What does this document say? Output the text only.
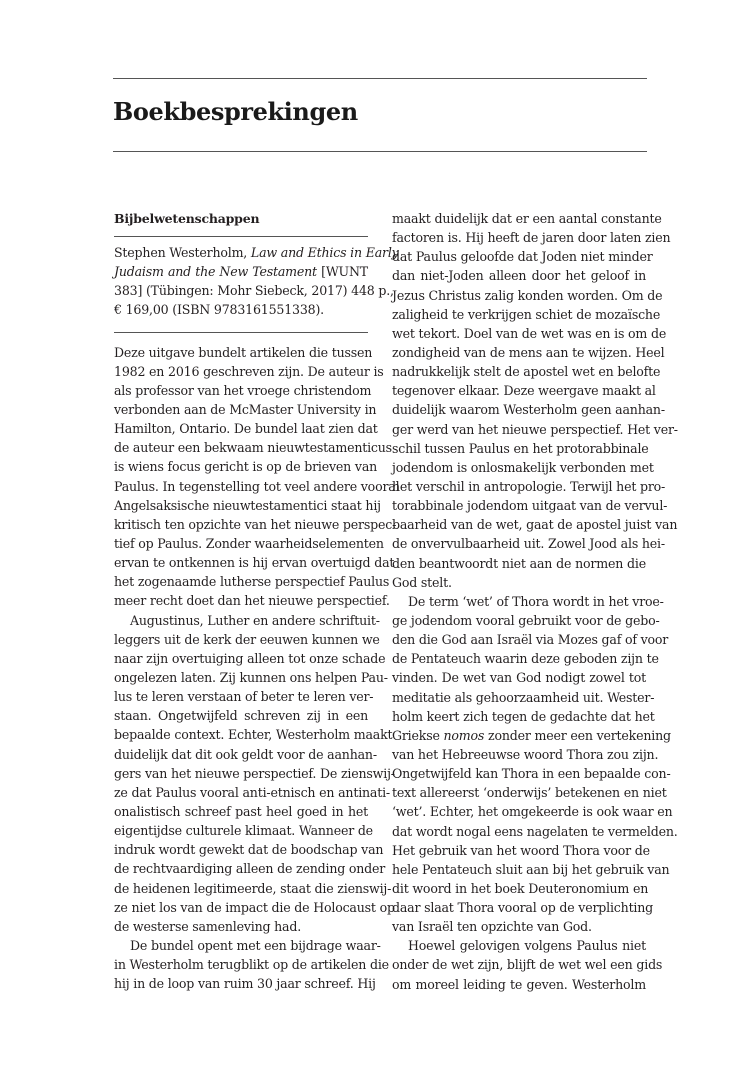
Boekbesprekingen
Bijbelwetenschappen
Stephen Westerholm, Law and Ethics in Early
Judaism and the New Testament [WUNT
383] (Tübingen: Mohr Siebeck, 2017) 448 p.,
€ 169,00 (ISBN 9783161551338).
Deze uitgave bundelt artikelen die tussen
1982 en 2016 geschreven zijn. De auteur is
als professor van het vroege christendom
verbonden aan de McMaster University in
Hamilton, Ontario. De bundel laat zien dat
de auteur een bekwaam nieuwtestamenticus
is wiens focus gericht is op de brieven van
Paulus. In tegenstelling tot veel andere vooral
Angelsaksische nieuwtestamentici staat hij
kritisch ten opzichte van het nieuwe perspec-
tief op Paulus. Zonder waarheidselementen
ervan te ontkennen is hij ervan overtuigd dat
het zogenaamde lutherse perspectief Paulus
meer recht doet dan het nieuwe perspectief.
Augustinus, Luther en andere schriftuit-
leggers uit de kerk der eeuwen kunnen we
naar zijn overtuiging alleen tot onze schade
ongelezen laten. Zij kunnen ons helpen Pau-
lus te leren verstaan of beter te leren ver-
staan. Ongetwijfeld schreven zij in een
bepaalde context. Echter, Westerholm maakt
duidelijk dat dit ook geldt voor de aanhan-
gers van het nieuwe perspectief. De zienswij-
ze dat Paulus vooral anti-etnisch en antinati-
onalistisch schreef past heel goed in het
eigentijdse culturele klimaat. Wanneer de
indruk wordt gewekt dat de boodschap van
de rechtvaardiging alleen de zending onder
de heidenen legitimeerde, staat die zienswij-
ze niet los van de impact die de Holocaust op
de westerse samenleving had.
De bundel opent met een bijdrage waar-
in Westerholm terugblikt op de artikelen die
hij in de loop van ruim 30 jaar schreef. Hij
maakt duidelijk dat er een aantal constante
factoren is. Hij heeft de jaren door laten zien
dat Paulus geloofde dat Joden niet minder
dan niet-Joden alleen door het geloof in
Jezus Christus zalig konden worden. Om de
zaligheid te verkrijgen schiet de mozaïsche
wet tekort. Doel van de wet was en is om de
zondigheid van de mens aan te wijzen. Heel
nadrukkelijk stelt de apostel wet en belofte
tegenover elkaar. Deze weergave maakt al
duidelijk waarom Westerholm geen aanhan-
ger werd van het nieuwe perspectief. Het ver-
schil tussen Paulus en het protorabbinale
jodendom is onlosmakelijk verbonden met
het verschil in antropologie. Terwijl het pro-
torabbinale jodendom uitgaat van de vervul-
baarheid van de wet, gaat de apostel juist van
de onvervulbaarheid uit. Zowel Jood als hei-
den beantwoordt niet aan de normen die
God stelt.
De term ‘wet’ of Thora wordt in het vroe-
ge jodendom vooral gebruikt voor de gebo-
den die God aan Israël via Mozes gaf of voor
de Pentateuch waarin deze geboden zijn te
vinden. De wet van God nodigt zowel tot
meditatie als gehoorzaamheid uit. Wester-
holm keert zich tegen de gedachte dat het
Griekse nomos zonder meer een vertekening
van het Hebreeuwse woord Thora zou zijn.
Ongetwijfeld kan Thora in een bepaalde con-
text allereerst ‘onderwijs’ betekenen en niet
‘wet’. Echter, het omgekeerde is ook waar en
dat wordt nogal eens nagelaten te vermelden.
Het gebruik van het woord Thora voor de
hele Pentateuch sluit aan bij het gebruik van
dit woord in het boek Deuteronomium en
daar slaat Thora vooral op de verplichting
van Israël ten opzichte van God.
Hoewel gelovigen volgens Paulus niet
onder de wet zijn, blijft de wet wel een gids
om moreel leiding te geven. Westerholm
